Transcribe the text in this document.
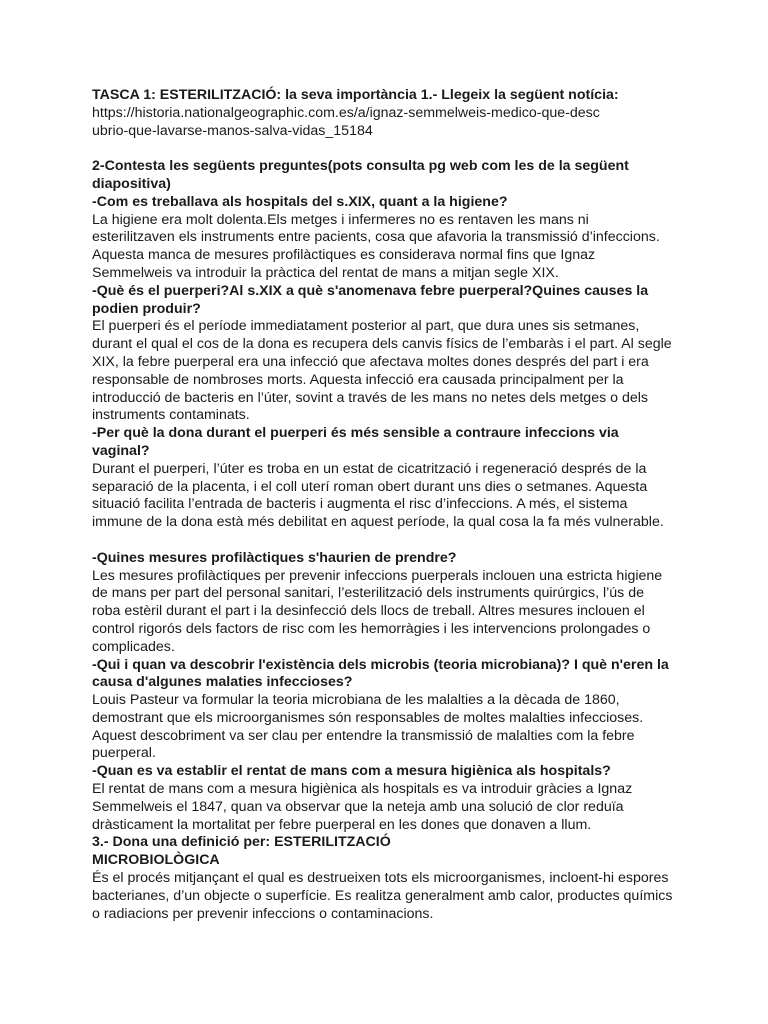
TASCA 1: ESTERILITZACIÓ: la seva importància 1.- Llegeix la següent notícia:
https://historia.nationalgeographic.com.es/a/ignaz-semmelweis-medico-que-desc
ubrio-que-lavarse-manos-salva-vidas_15184
2-Contesta les següents preguntes(pots consulta pg web com les de la següent
diapositiva)
-Com es treballava als hospitals del s.XIX, quant a la higiene?
La higiene era molt dolenta.Els metges i infermeres no es rentaven les mans ni
esterilitzaven els instruments entre pacients, cosa que afavoria la transmissió d’infeccions.
Aquesta manca de mesures profilàctiques es considerava normal fins que Ignaz
Semmelweis va introduir la pràctica del rentat de mans a mitjan segle XIX.
-Què és el puerperi?Al s.XIX a què s'anomenava febre puerperal?Quines causes la
podien produir?
El puerperi és el període immediatament posterior al part, que dura unes sis setmanes,
durant el qual el cos de la dona es recupera dels canvis físics de l’embaràs i el part. Al segle
XIX, la febre puerperal era una infecció que afectava moltes dones després del part i era
responsable de nombroses morts. Aquesta infecció era causada principalment per la
introducció de bacteris en l’úter, sovint a través de les mans no netes dels metges o dels
instruments contaminats.
-Per què la dona durant el puerperi és més sensible a contraure infeccions via
vaginal?
Durant el puerperi, l’úter es troba en un estat de cicatrització i regeneració després de la
separació de la placenta, i el coll uterí roman obert durant uns dies o setmanes. Aquesta
situació facilita l’entrada de bacteris i augmenta el risc d’infeccions. A més, el sistema
immune de la dona està més debilitat en aquest període, la qual cosa la fa més vulnerable.
-Quines mesures profilàctiques s'haurien de prendre?
Les mesures profilàctiques per prevenir infeccions puerperals inclouen una estricta higiene
de mans per part del personal sanitari, l’esterilització dels instruments quirúrgics, l’ús de
roba estèril durant el part i la desinfecció dels llocs de treball. Altres mesures inclouen el
control rigorós dels factors de risc com les hemorràgies i les intervencions prolongades o
complicades.
-Qui i quan va descobrir l'existència dels microbis (teoria microbiana)? I què n'eren la
causa d'algunes malaties infeccioses?
Louis Pasteur va formular la teoria microbiana de les malalties a la dècada de 1860,
demostrant que els microorganismes són responsables de moltes malalties infeccioses.
Aquest descobriment va ser clau per entendre la transmissió de malalties com la febre
puerperal.
-Quan es va establir el rentat de mans com a mesura higiènica als hospitals?
El rentat de mans com a mesura higiènica als hospitals es va introduir gràcies a Ignaz
Semmelweis el 1847, quan va observar que la neteja amb una solució de clor reduïa
dràsticament la mortalitat per febre puerperal en les dones que donaven a llum.
3.- Dona una definició per: ESTERILITZACIÓ
MICROBIOLÒGICA
És el procés mitjançant el qual es destrueixen tots els microorganismes, incloent-hi espores
bacterianes, d’un objecte o superfície. Es realitza generalment amb calor, productes químics
o radiacions per prevenir infeccions o contaminacions.
